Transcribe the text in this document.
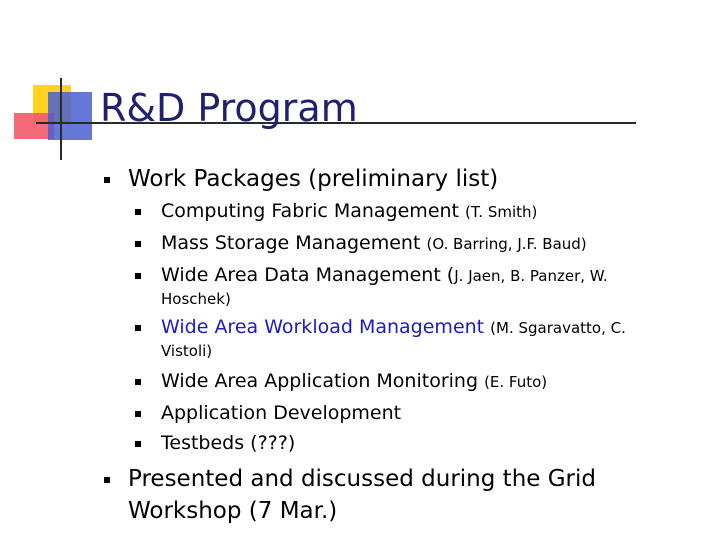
R&D Program
Work Packages (preliminary list)
Computing Fabric Management (T. Smith)
Mass Storage Management (O. Barring, J.F. Baud)
Wide Area Data Management (J. Jaen, B. Panzer, W.
Hoschek)
Wide Area Workload Management (M. Sgaravatto, C.
Vistoli)
Wide Area Application Monitoring (E. Futo)
Application Development
Testbeds (???)
Presented and discussed during the Grid
Workshop (7 Mar.)
